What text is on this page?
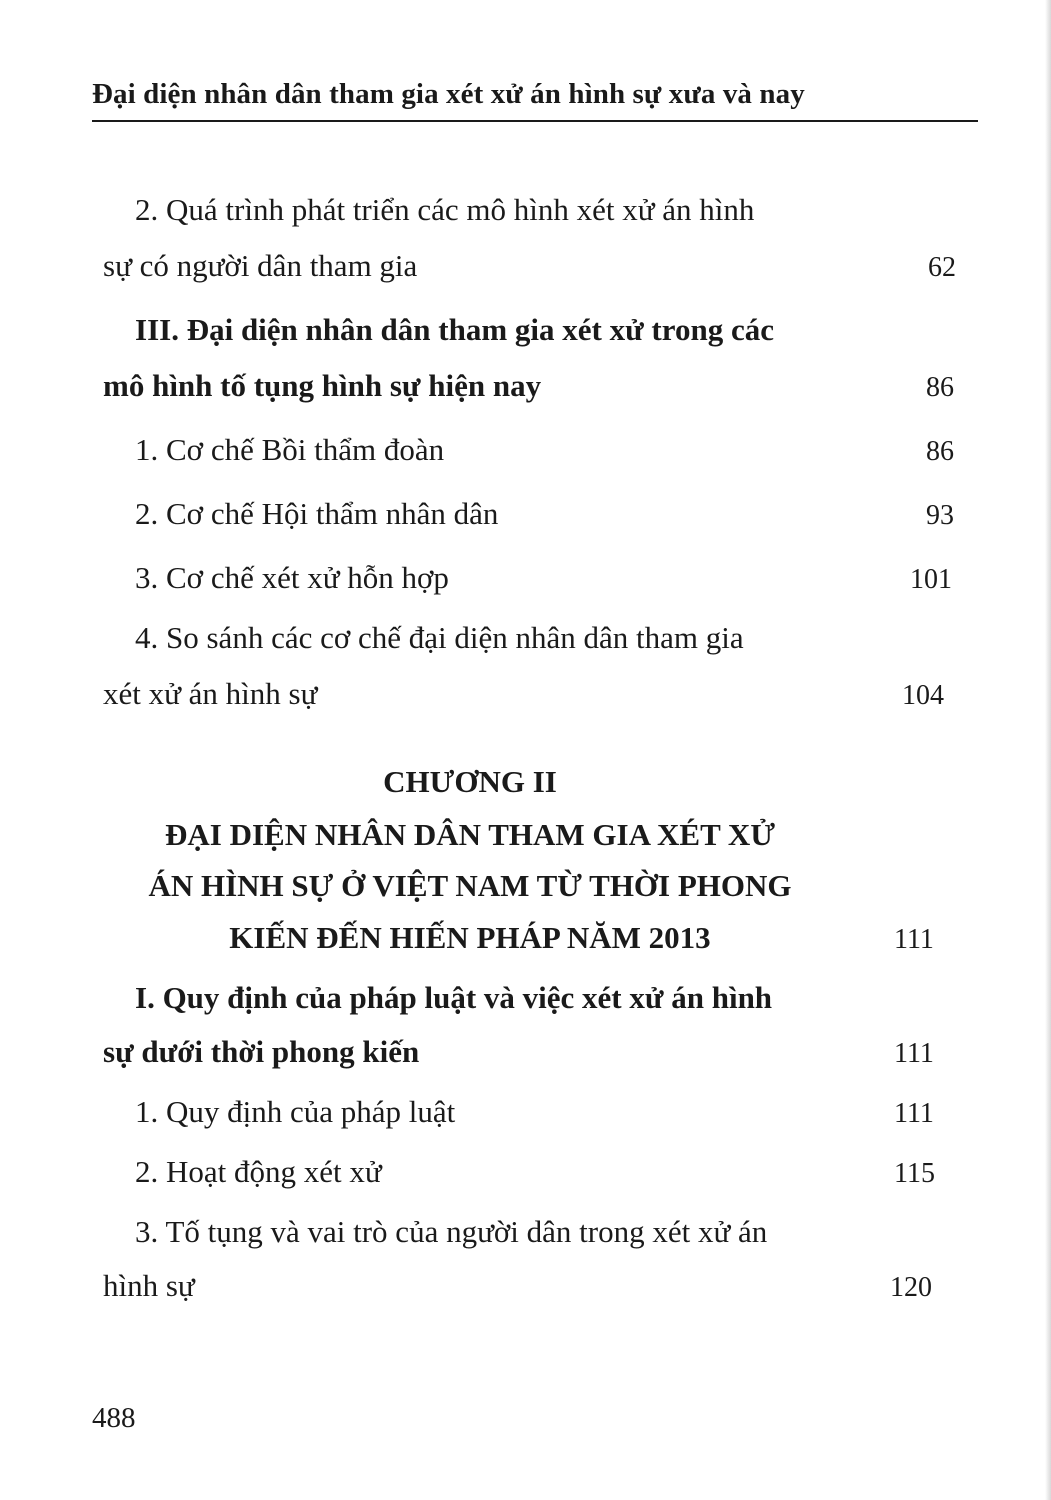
Đại diện nhân dân tham gia xét xử án hình sự xưa và nay
2. Quá trình phát triển các mô hình xét xử án hình
sự có người dân tham gia	62
III. Đại diện nhân dân tham gia xét xử trong các
mô hình tố tụng hình sự hiện nay	86
1. Cơ chế Bồi thẩm đoàn	86
2. Cơ chế Hội thẩm nhân dân	93
3. Cơ chế xét xử hỗn hợp	101
4. So sánh các cơ chế đại diện nhân dân tham gia
xét xử án hình sự	104
CHƯƠNG II
ĐẠI DIỆN NHÂN DÂN THAM GIA XÉT XỬ
ÁN HÌNH SỰ Ở VIỆT NAM TỪ THỜI PHONG
KIẾN ĐẾN HIẾN PHÁP NĂM 2013	111
I. Quy định của pháp luật và việc xét xử án hình
sự dưới thời phong kiến	111
1. Quy định của pháp luật	111
2. Hoạt động xét xử	115
3. Tố tụng và vai trò của người dân trong xét xử án
hình sự	120
488
